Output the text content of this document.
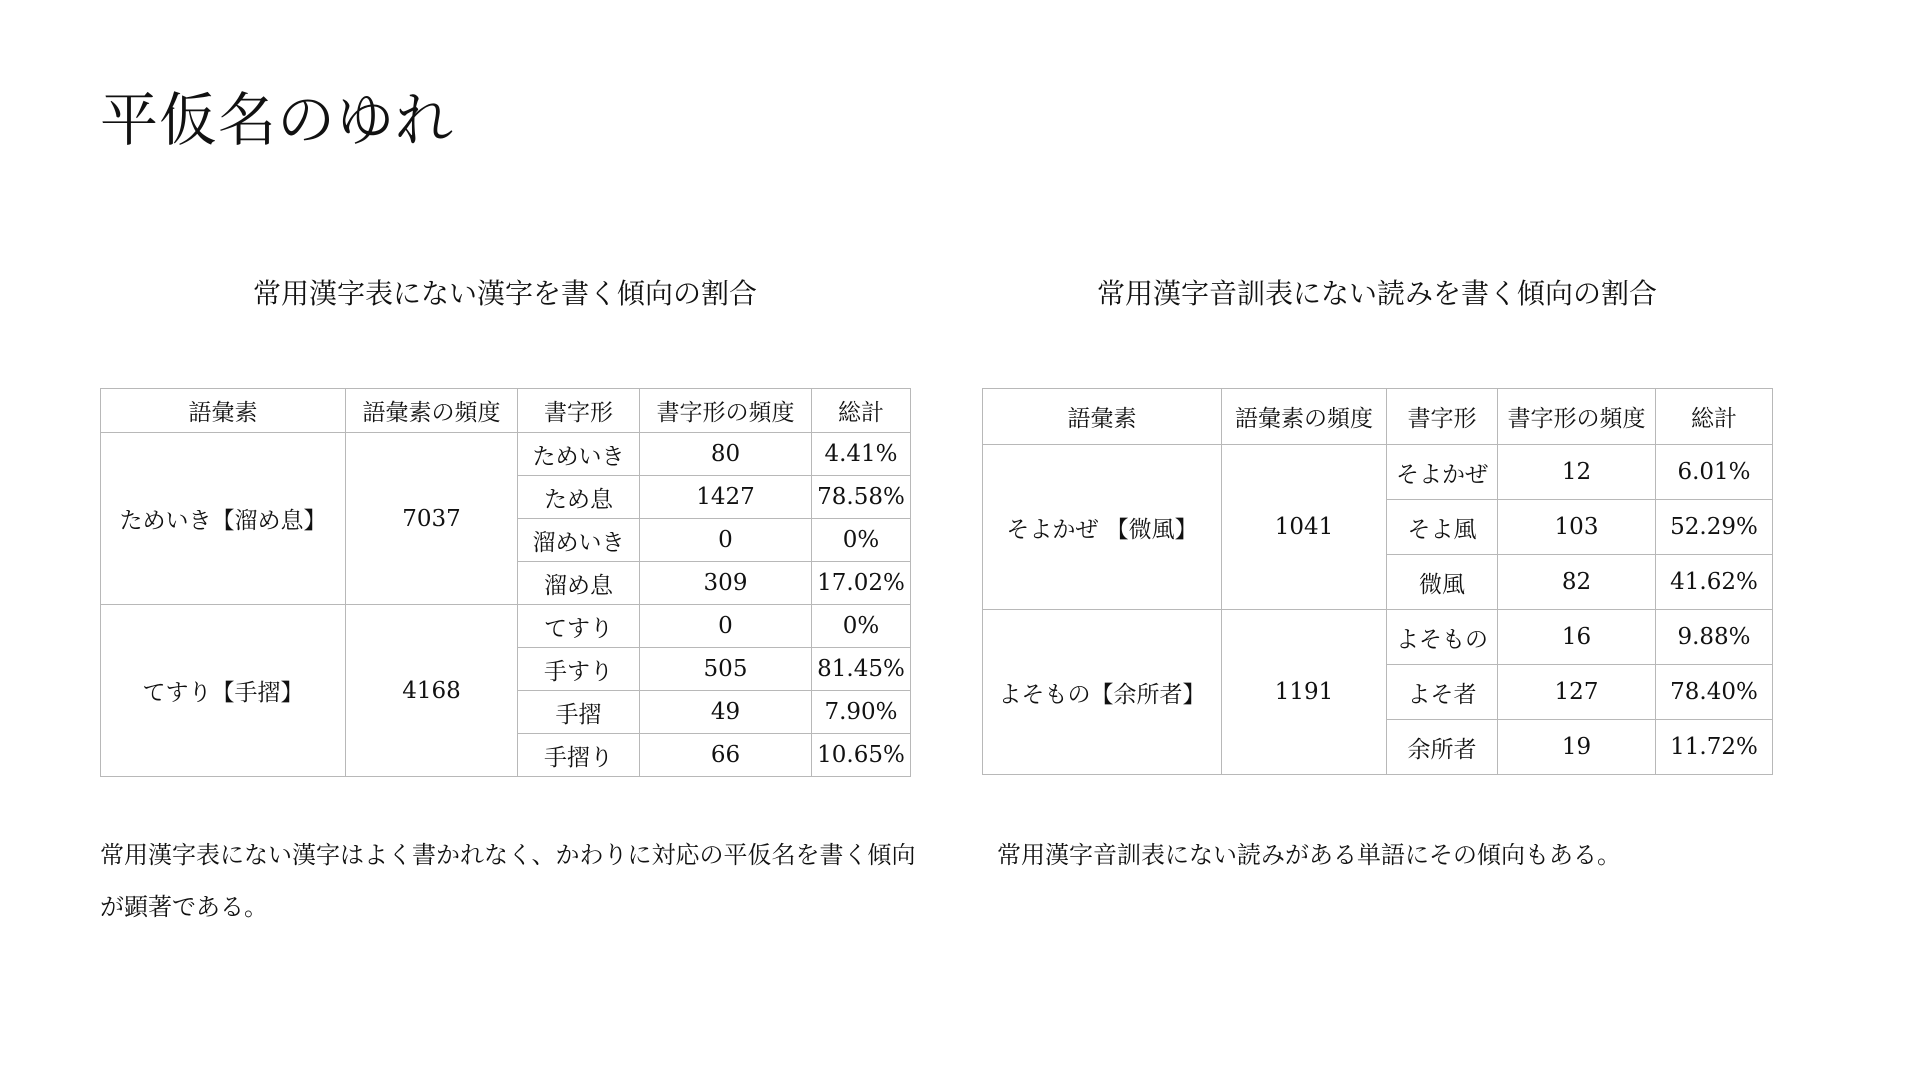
平仮名のゆれ
常用漢字表にない漢字を書く傾向の割合	常用漢字音訓表にない読みを書く傾向の割合
語彙素	語彙素の頻度	書字形	書字形の頻度	総計
ためいき【溜め息】	7037	ためいき	80	4.41%
		ため息	1427	78.58%
		溜めいき	0	0%
		溜め息	309	17.02%
てすり【手摺】	4168	てすり	0	0%
		手すり	505	81.45%
		手摺	49	7.90%
		手摺り	66	10.65%
語彙素	語彙素の頻度	書字形	書字形の頻度	総計
そよかぜ 【微風】	1041	そよかぜ	12	6.01%
		そよ風	103	52.29%
		微風	82	41.62%
よそもの【余所者】	1191	よそもの	16	9.88%
		よそ者	127	78.40%
		余所者	19	11.72%

常用漢字表にない漢字はよく書かれなく、かわりに対応の平仮名を書く傾向が顕著である。

常用漢字音訓表にない読みがある単語にその傾向もある。
